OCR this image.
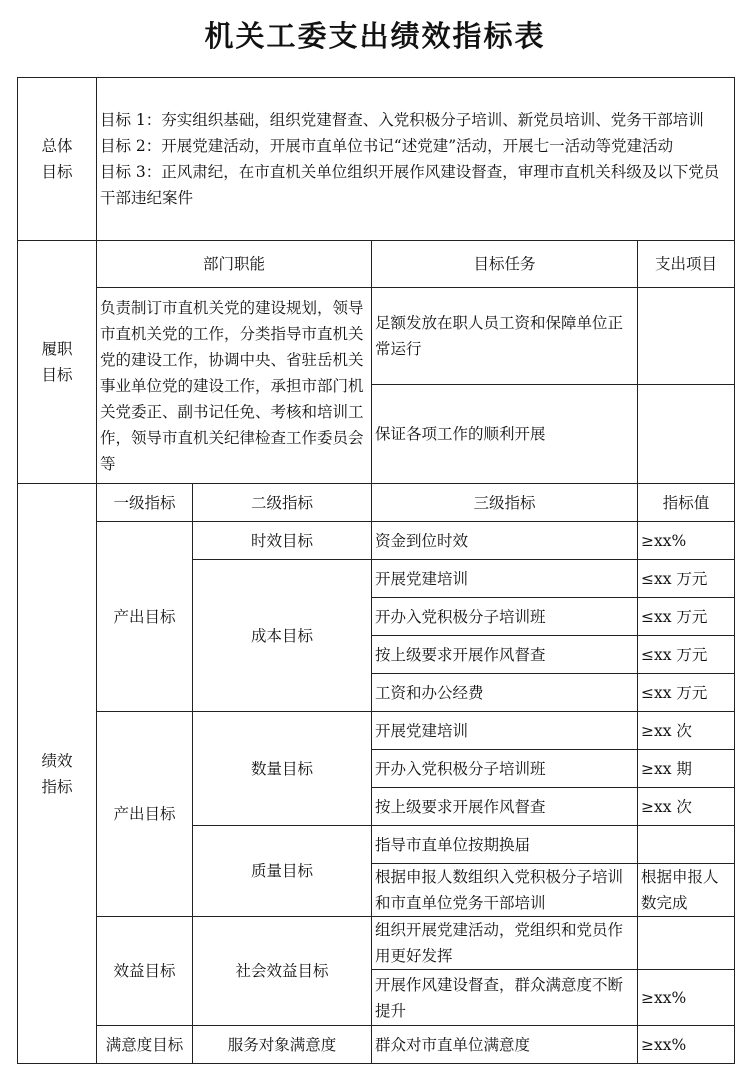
机关工委支出绩效指标表
总体
目标	目标 1：夯实组织基础，组织党建督查、入党积极分子培训、新党员培训、党务干部培训
目标 2：开展党建活动，开展市直单位书记“述党建”活动，开展七一活动等党建活动
目标 3：正风肃纪，在市直机关单位组织开展作风建设督查，审理市直机关科级及以下党员干部违纪案件			
履职
目标	部门职能		目标任务	支出项目
	负责制订市直机关党的建设规划，领导市直机关党的工作，分类指导市直机关党的建设工作，协调中央、省驻岳机关事业单位党的建设工作，承担市部门机关党委正、副书记任免、考核和培训工作，领导市直机关纪律检查工作委员会等		足额发放在职人员工资和保障单位正常运行	
			保证各项工作的顺利开展	
绩效
指标	一级指标	二级指标	三级指标	指标值
	产出目标	时效目标	资金到位时效	≥xx%
		成本目标	开展党建培训	≤xx 万元
			开办入党积极分子培训班	≤xx 万元
			按上级要求开展作风督查	≤xx 万元
			工资和办公经费	≤xx 万元
	产出目标	数量目标	开展党建培训	≥xx 次
			开办入党积极分子培训班	≥xx 期
			按上级要求开展作风督查	≥xx 次
		质量目标	指导市直单位按期换届	
			根据申报人数组织入党积极分子培训和市直单位党务干部培训	根据申报人数完成
	效益目标	社会效益目标	组织开展党建活动，党组织和党员作用更好发挥	
			开展作风建设督查，群众满意度不断提升	≥xx%
	满意度目标	服务对象满意度	群众对市直单位满意度	≥xx%
